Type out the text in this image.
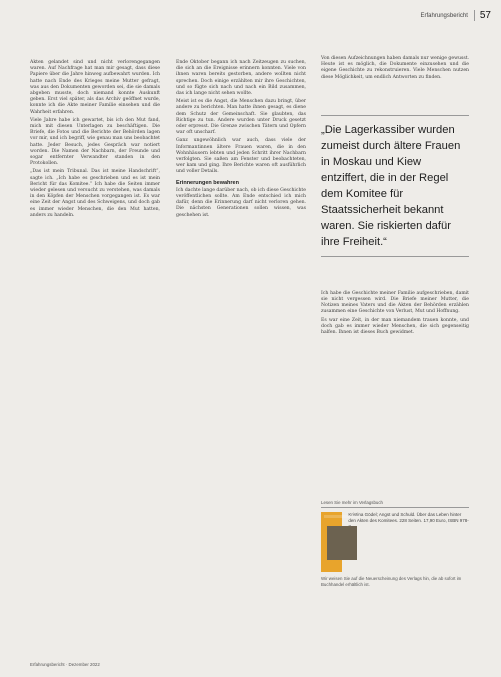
Erfahrungsbericht	57

Akten gelandet sind und nicht verlorengegangen waren. Auf Nachfrage hat man mir gesagt, dass diese Papiere über die Jahre hinweg aufbewahrt wurden. Ich hatte nach Ende des Krieges meine Mutter gefragt, was aus den Dokumenten geworden sei, die sie damals abgeben musste, doch niemand konnte Auskunft geben. Erst viel später, als das Archiv geöffnet wurde, konnte ich die Akte meiner Familie einsehen und die Wahrheit erfahren.

Viele Jahre habe ich gewartet, bis ich den Mut fand, mich mit diesen Unterlagen zu beschäftigen. Die Briefe, die Fotos und die Berichte der Behörden lagen vor mir, und ich begriff, wie genau man uns beobachtet hatte. Jeder Besuch, jedes Gespräch war notiert worden. Die Namen der Nachbarn, der Freunde und sogar entfernter Verwandter standen in den Protokollen.

„Das ist mein Tribunal. Das ist meine Handschrift“, sagte ich. „Ich habe es geschrieben und es ist mein Bericht für das Komitee.“ Ich habe die Seiten immer wieder gelesen und versucht zu verstehen, was damals in den Köpfen der Menschen vorgegangen ist. Es war eine Zeit der Angst und des Schweigens, und doch gab es immer wieder Menschen, die den Mut hatten, anders zu handeln.

Ende Oktober begann ich nach Zeitzeugen zu suchen, die sich an die Ereignisse erinnern konnten. Viele von ihnen waren bereits gestorben, andere wollten nicht sprechen. Doch einige erzählten mir ihre Geschichten, und so fügte sich nach und nach ein Bild zusammen, das ich lange nicht sehen wollte.

Meist ist es die Angst, die Menschen dazu bringt, über andere zu berichten. Man hatte ihnen gesagt, es diene dem Schutz der Gemeinschaft. Sie glaubten, das Richtige zu tun. Andere wurden unter Druck gesetzt oder erpresst. Die Grenze zwischen Tätern und Opfern war oft unscharf.

Ganz ungewöhnlich war auch, dass viele der Informantinnen ältere Frauen waren, die in den Wohnhäusern lebten und jeden Schritt ihrer Nachbarn verfolgten. Sie saßen am Fenster und beobachteten, wer kam und ging. Ihre Berichte waren oft ausführlich und voller Details.

Erinnerungen bewahren

Ich dachte lange darüber nach, ob ich diese Geschichte veröffentlichen sollte. Am Ende entschied ich mich dafür, denn die Erinnerung darf nicht verloren gehen. Die nächsten Generationen sollen wissen, was geschehen ist.

Von diesen Aufzeichnungen haben damals nur wenige gewusst. Heute ist es möglich, die Dokumente einzusehen und die eigene Geschichte zu rekonstruieren. Viele Menschen nutzen diese Möglichkeit, um endlich Antworten zu finden.

„Die Lagerkassiber wurden zumeist durch ältere Frauen in Moskau und Kiew entziffert, die in der Regel dem Komitee für Staatssicherheit bekannt waren. Sie riskierten dafür ihre Freiheit.“

Ich habe die Geschichte meiner Familie aufgeschrieben, damit sie nicht vergessen wird. Die Briefe meiner Mutter, die Notizen meines Vaters und die Akten der Behörden erzählen zusammen eine Geschichte von Verlust, Mut und Hoffnung.

Es war eine Zeit, in der man niemandem trauen konnte, und doch gab es immer wieder Menschen, die sich gegenseitig halfen. Ihnen ist dieses Buch gewidmet.

Lesen Sie mehr im Verlagsbuch
Kristina Gödel; Angst und Schuld. Über das Leben hinter den Akten des Komitees. 228 Seiten. 17,90 Euro, ISBN 978-
Wir weisen Sie auf die Neuerscheinung des Verlags hin, die ab sofort im Buchhandel erhältlich ist.
Erfahrungsbericht · Dezember 2022
